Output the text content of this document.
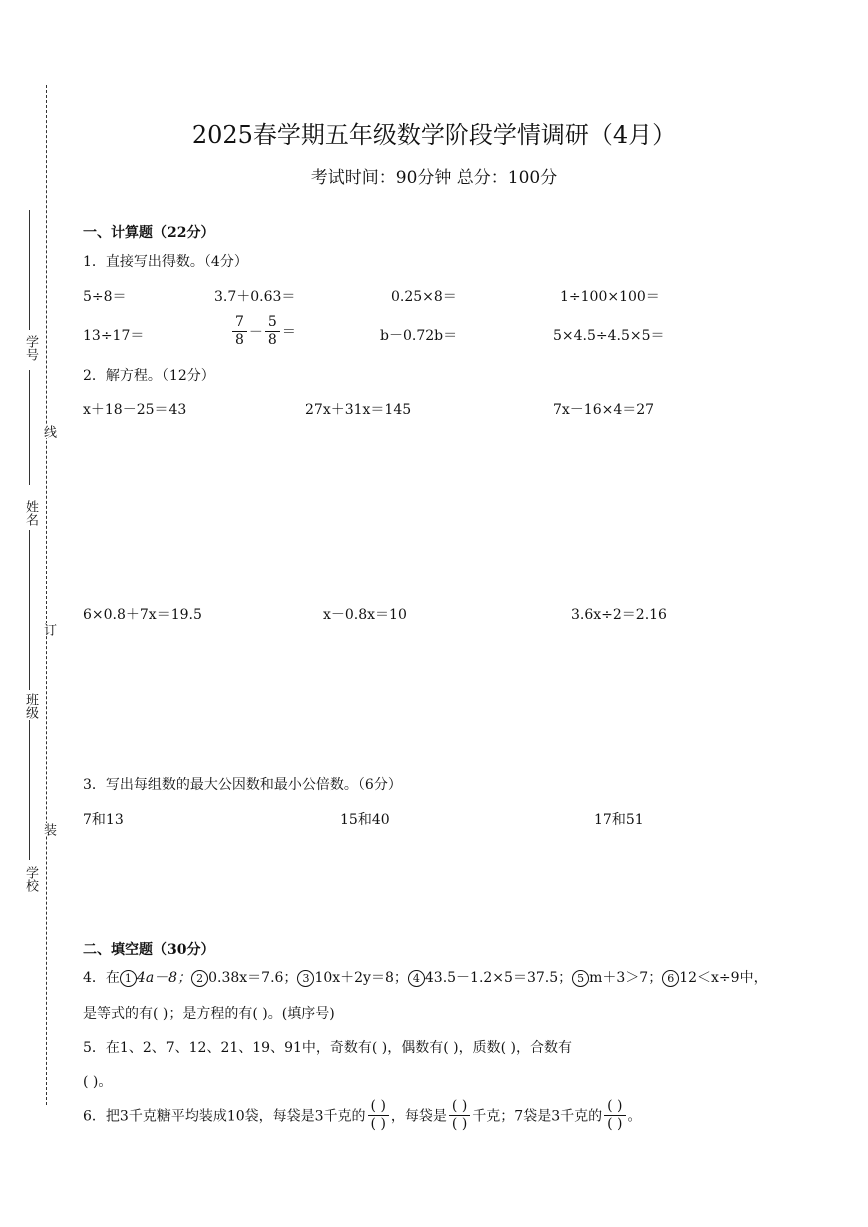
学号
姓名
班级
学校
线
订
装
2025春学期五年级数学阶段学情调研（4月）
考试时间：90分钟 总分：100分
一、计算题（22分）
1．直接写出得数。（4分）
5÷8＝	3.7＋0.63＝	0.25×8＝	1÷100×100＝
13÷17＝	$\frac{7}{8} - \frac{5}{8}$ ＝	b－0.72b＝	5×4.5÷4.5×5＝
2．解方程。（12分）
x＋18－25＝43	27x＋31x＝145	7x－16×4＝27
6×0.8＋7x＝19.5	x－0.8x＝10	3.6x÷2＝2.16
3．写出每组数的最大公因数和最小公倍数。（6分）
7和13	15和40	17和51
二、填空题（30分）
4．在 1 4a－8； 2 0.38x＝7.6； 3 10x＋2y＝8； 4 43.5－1.2×5＝37.5； 5 m＋3＞7； 6 12＜x÷9中，
是等式的有( )；是方程的有( )。(填序号)
5．在1、2、7、12、21、19、91中，奇数有( )，偶数有( )，质数( )，合数有
( )。
6．把3千克糖平均装成10袋，每袋是3千克的 $\frac{( )}{( )}$ ，每袋是 $\frac{( )}{( )}$ 千克；7袋是3千克的 $\frac{( )}{( )}$ 。
